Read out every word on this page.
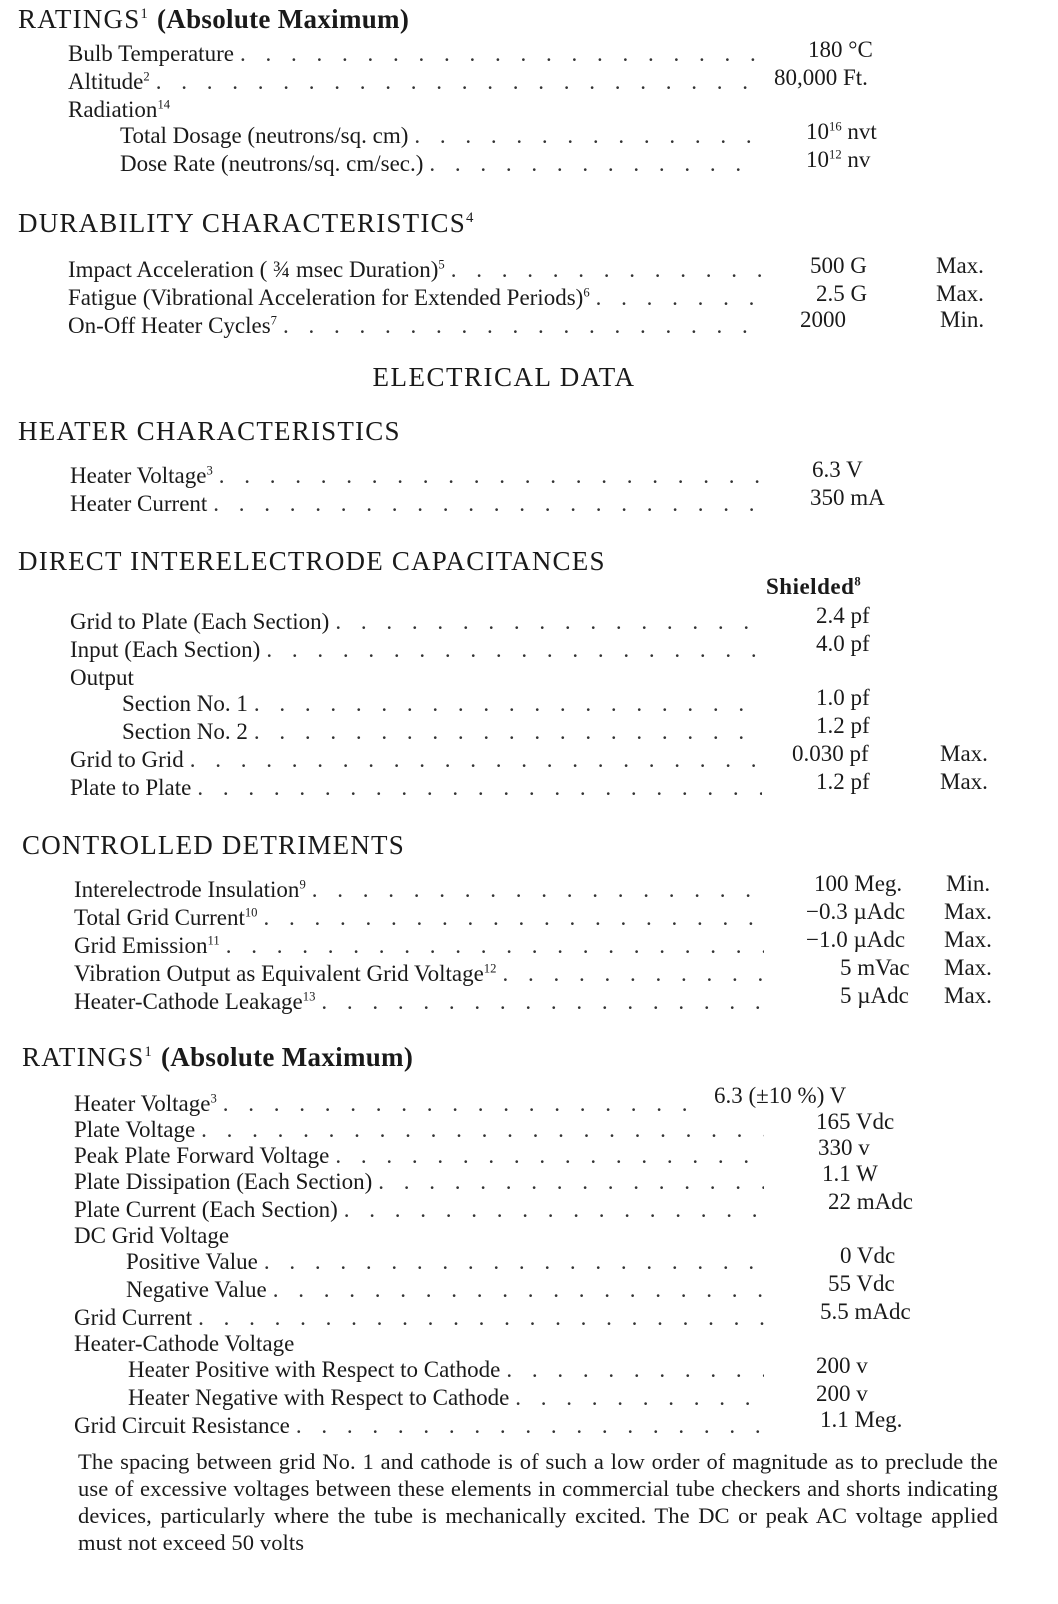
RATINGS$^1$ (Absolute Maximum)
Bulb Temperature . . .	180 °C
Altitude$^2$ . . .	80,000 Ft.
Radiation$^{14}$
Total Dosage (neutrons/sq. cm) . . .	$10^{16}$ nvt
Dose Rate (neutrons/sq. cm/sec.) . . .	$10^{12}$ nv
DURABILITY CHARACTERISTICS$^4$
Impact Acceleration ( ¾ msec Duration)$^5$ . . .	500 G	Max.
Fatigue (Vibrational Acceleration for Extended Periods)$^6$ . . .	2.5 G	Max.
On-Off Heater Cycles$^7$ . . .	2000	Min.
ELECTRICAL DATA
HEATER CHARACTERISTICS
Heater Voltage$^3$ . . .	6.3 V
Heater Current . . .	350 mA
DIRECT INTERELECTRODE CAPACITANCES
Shielded$^8$
Grid to Plate (Each Section) . . .	2.4 pf
Input (Each Section) . . .	4.0 pf
Output
Section No. 1 . . .	1.0 pf
Section No. 2 . . .	1.2 pf
Grid to Grid . . .	0.030 pf	Max.
Plate to Plate . . .	1.2 pf	Max.
CONTROLLED DETRIMENTS
Interelectrode Insulation$^9$ . . .	100 Meg. Min.
Total Grid Current$^{10}$ . . .	−0.3 µAdc Max.
Grid Emission$^{11}$ . . .	−1.0 µAdc Max.
Vibration Output as Equivalent Grid Voltage$^{12}$ . . .	5 mVac Max.
Heater-Cathode Leakage$^{13}$ . . .	5 µAdc Max.
RATINGS$^1$ (Absolute Maximum)
Heater Voltage$^3$ . . .	6.3 (±10 %) V
Plate Voltage . . .	165 Vdc
Peak Plate Forward Voltage . . .	330 v
Plate Dissipation (Each Section) . . .	1.1 W
Plate Current (Each Section) . . .	22 mAdc
DC Grid Voltage
Positive Value . . .	0 Vdc
Negative Value . . .	55 Vdc
Grid Current . . .	5.5 mAdc
Heater-Cathode Voltage
Heater Positive with Respect to Cathode . . .	200 v
Heater Negative with Respect to Cathode . . .	200 v
Grid Circuit Resistance . . .	1.1 Meg.
The spacing between grid No. 1 and cathode is of such a low order of magnitude as to preclude the use of excessive voltages between these elements in commercial tube checkers and shorts indicating devices, particularly where the tube is mechanically excited. The DC or peak AC voltage applied must not exceed 50 volts
